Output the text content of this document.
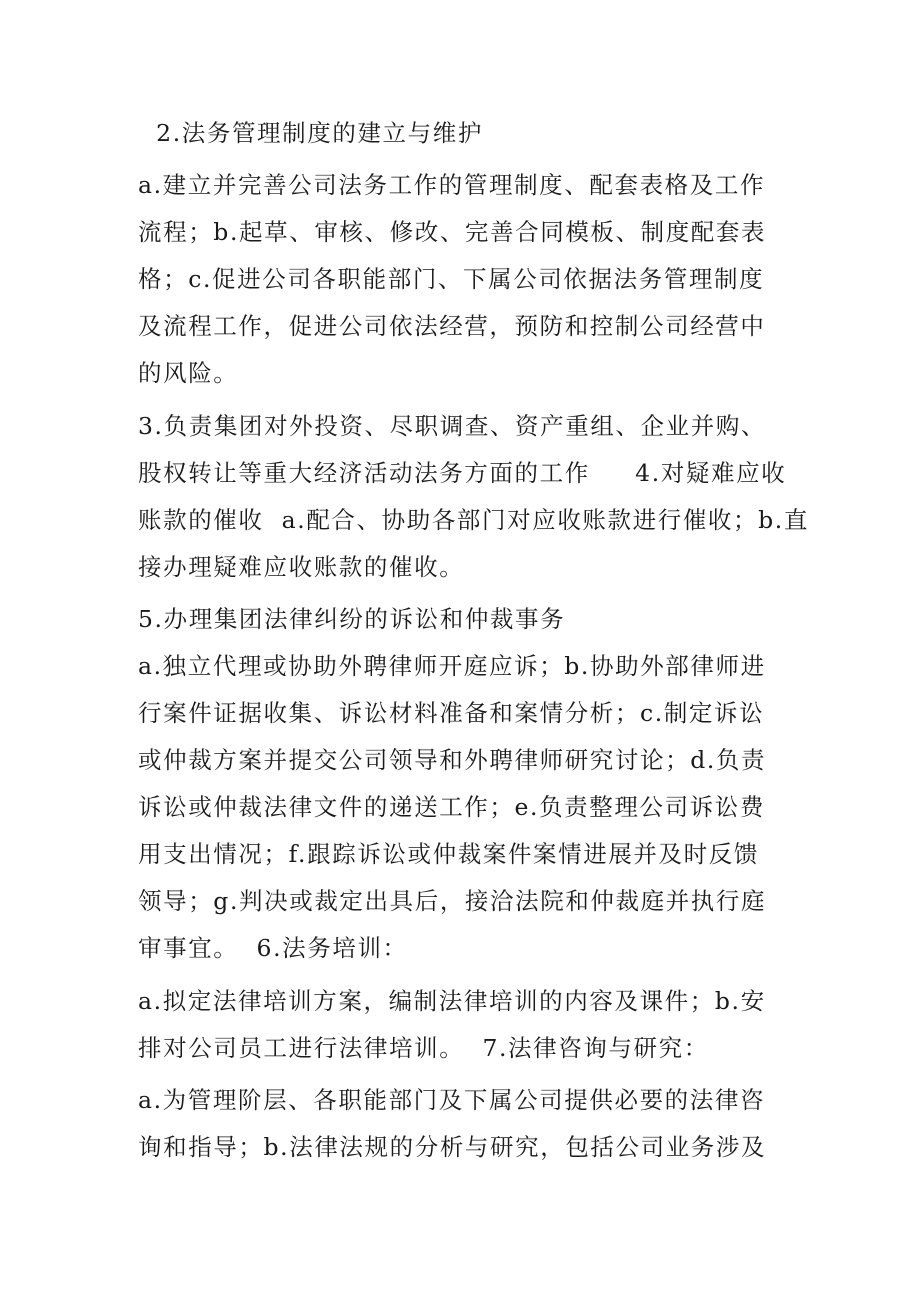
2.法务管理制度的建立与维护

a.建立并完善公司法务工作的管理制度、配套表格及工作

流程；b.起草、审核、修改、完善合同模板、制度配套表

格；c.促进公司各职能部门、下属公司依据法务管理制度

及流程工作，促进公司依法经营，预防和控制公司经营中

的风险。

3.负责集团对外投资、尽职调查、资产重组、企业并购、

股权转让等重大经济活动法务方面的工作     4.对疑难应收

账款的催收  a.配合、协助各部门对应收账款进行催收；b.直

接办理疑难应收账款的催收。

5.办理集团法律纠纷的诉讼和仲裁事务

a.独立代理或协助外聘律师开庭应诉；b.协助外部律师进

行案件证据收集、诉讼材料准备和案情分析；c.制定诉讼

或仲裁方案并提交公司领导和外聘律师研究讨论；d.负责

诉讼或仲裁法律文件的递送工作；e.负责整理公司诉讼费

用支出情况；f.跟踪诉讼或仲裁案件案情进展并及时反馈

领导；g.判决或裁定出具后，接洽法院和仲裁庭并执行庭

审事宜。  6.法务培训：

a.拟定法律培训方案，编制法律培训的内容及课件；b.安

排对公司员工进行法律培训。  7.法律咨询与研究：

a.为管理阶层、各职能部门及下属公司提供必要的法律咨

询和指导；b.法律法规的分析与研究，包括公司业务涉及
